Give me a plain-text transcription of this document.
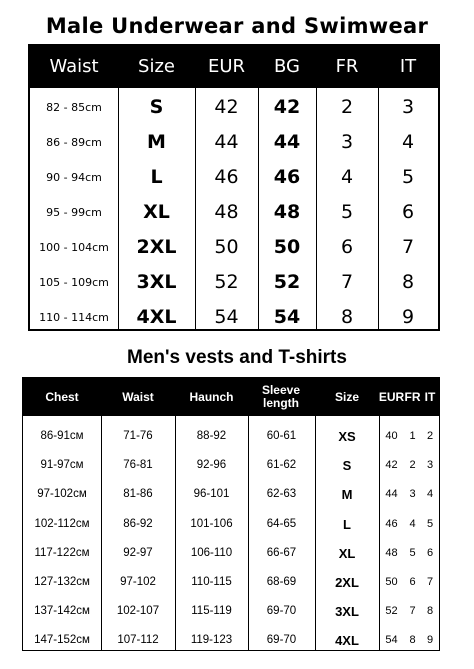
Male Underwear and Swimwear
Waist	Size	EUR	BG	FR	IT
82 - 85cm	S	42	42	2	3
86 - 89cm	M	44	44	3	4
90 - 94cm	L	46	46	4	5
95 - 99cm	XL	48	48	5	6
100 - 104cm	2XL	50	50	6	7
105 - 109cm	3XL	52	52	7	8
110 - 114cm	4XL	54	54	8	9
Men's vests and T-shirts
Chest	Waist	Haunch	Sleeve length	Size	EUR FR IT
86-91см	71-76	88-92	60-61	XS	40	1	2
91-97см	76-81	92-96	61-62	S	42	2	3
97-102см	81-86	96-101	62-63	M	44	3	4
102-112см	86-92	101-106	64-65	L	46	4	5
117-122см	92-97	106-110	66-67	XL	48	5	6
127-132см	97-102	110-115	68-69	2XL	50	6	7
137-142см	102-107	115-119	69-70	3XL	52	7	8
147-152см	107-112	119-123	69-70	4XL	54	8	9
